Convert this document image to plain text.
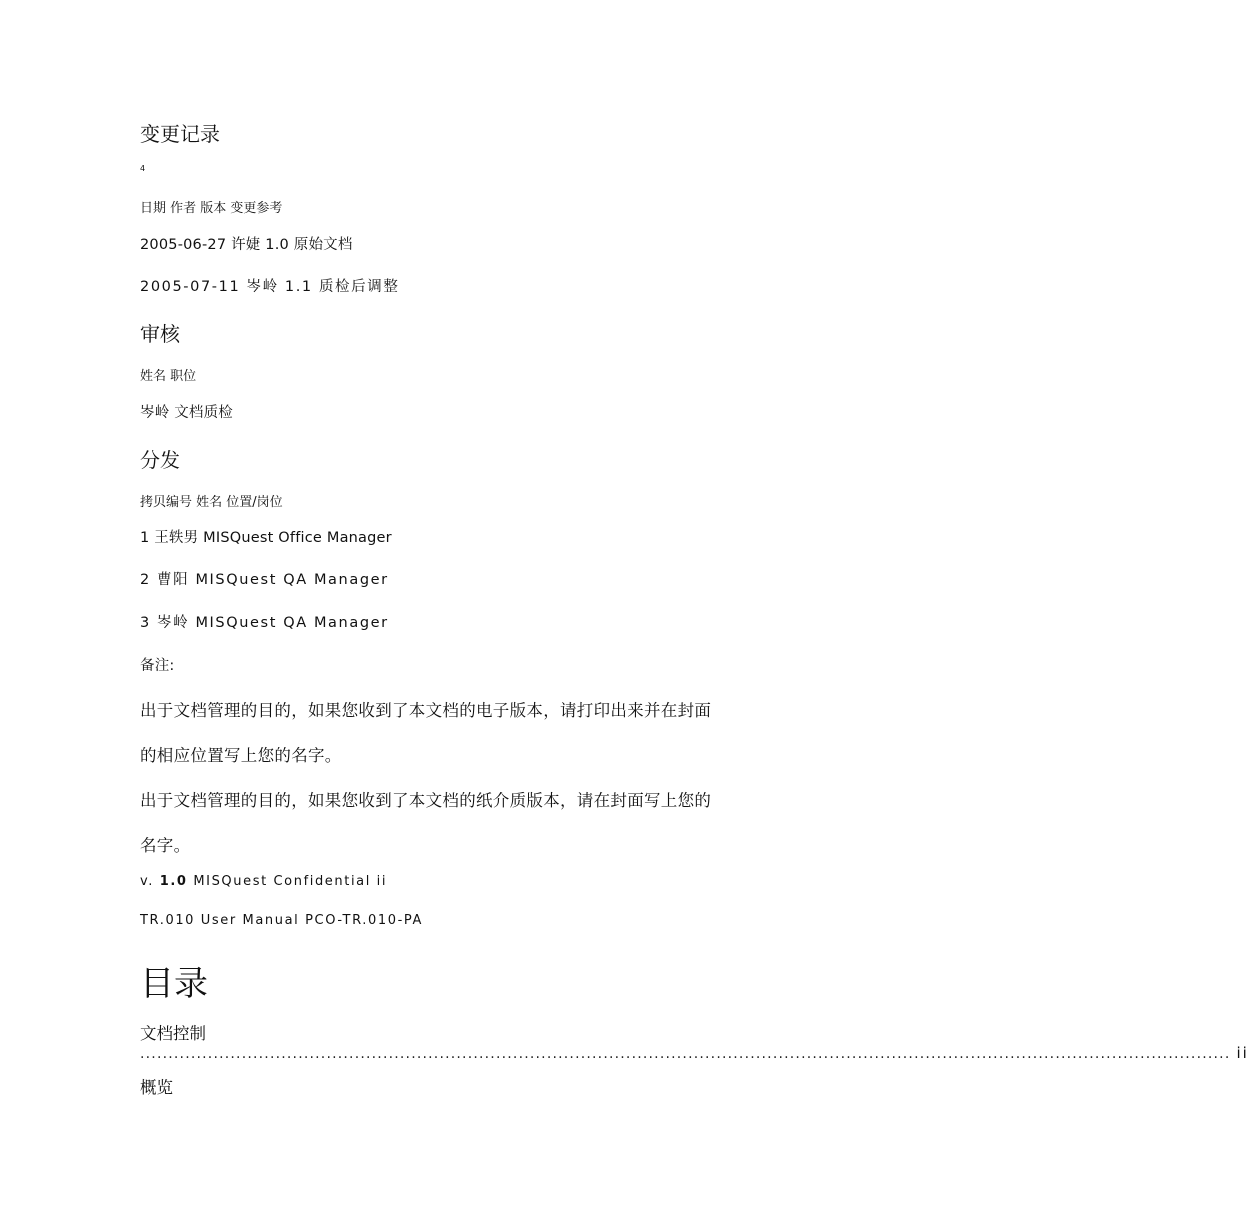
变更记录
4
日期 作者 版本 变更参考
2005-06-27 许婕 1.0 原始文档
2005-07-11 岑岭 1.1 质检后调整
审核
姓名 职位
岑岭 文档质检
分发
拷贝编号 姓名 位置/岗位
1 王轶男 MISQuest Office Manager
2 曹阳 MISQuest QA Manager
3 岑岭 MISQuest QA Manager
备注:
出于文档管理的目的，如果您收到了本文档的电子版本，请打印出来并在封面
的相应位置写上您的名字。
出于文档管理的目的，如果您收到了本文档的纸介质版本，请在封面写上您的
名字。
v. 1.0 MISQuest Confidential ii
TR.010 User Manual PCO-TR.010-PA
目录
文档控制
................................................................................................................................................................................................. ii
概览
